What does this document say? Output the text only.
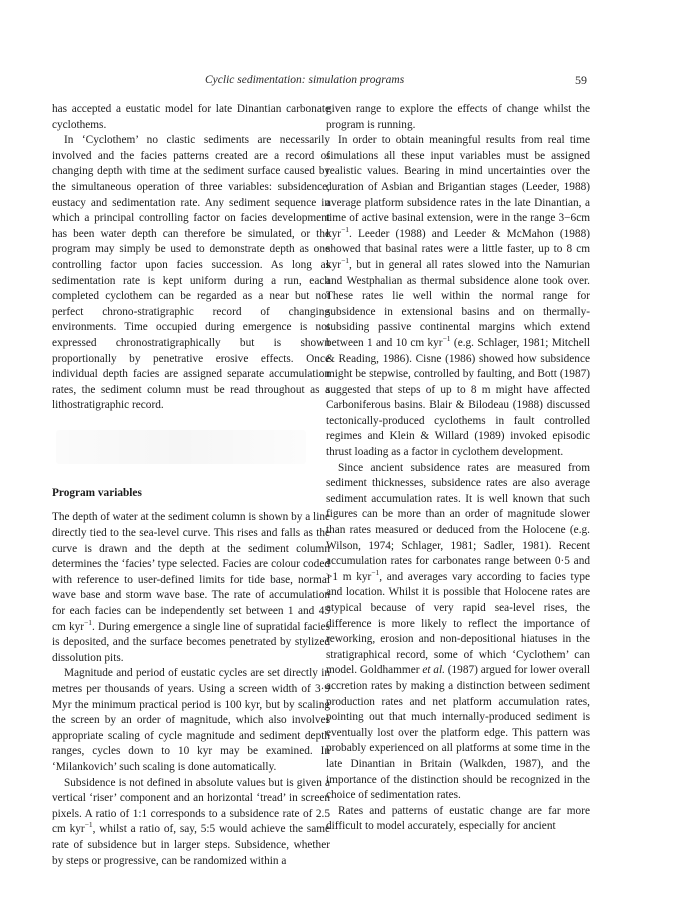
Cyclic sedimentation: simulation programs	59

has accepted a eustatic model for late Dinantian carbonate cyclothems.

In ‘Cyclothem’ no clastic sediments are necessarily involved and the facies patterns created are a record of changing depth with time at the sediment surface caused by the simultaneous operation of three variables: subsidence, eustacy and sedimentation rate. Any sediment sequence in which a principal controlling factor on facies development has been water depth can therefore be simulated, or the program may simply be used to demonstrate depth as one controlling factor upon facies succession. As long as sedimentation rate is kept uniform during a run, each completed cyclothem can be regarded as a near but not perfect chrono-stratigraphic record of changing environments. Time occupied during emergence is not expressed chronostratigraphically but is shown proportionally by penetrative erosive effects. Once individual depth facies are assigned separate accumulation rates, the sediment column must be read throughout as a lithostratigraphic record.

Program variables

The depth of water at the sediment column is shown by a line directly tied to the sea-level curve. This rises and falls as the curve is drawn and the depth at the sediment column determines the ‘facies’ type selected. Facies are colour coded with reference to user-defined limits for tide base, normal wave base and storm wave base. The rate of accumulation for each facies can be independently set between 1 and 45 cm kyr$^{-1}$. During emergence a single line of supratidal facies is deposited, and the surface becomes penetrated by stylized dissolution pits.

Magnitude and period of eustatic cycles are set directly in metres per thousands of years. Using a screen width of 3·9 Myr the minimum practical period is 100 kyr, but by scaling the screen by an order of magnitude, which also involves appropriate scaling of cycle magnitude and sediment depth ranges, cycles down to 10 kyr may be examined. In ‘Milankovich’ such scaling is done automatically.

Subsidence is not defined in absolute values but is given a vertical ‘riser’ component and an horizontal ‘tread’ in screen pixels. A ratio of 1:1 corresponds to a subsidence rate of 2.5 cm kyr$^{-1}$, whilst a ratio of, say, 5:5 would achieve the same rate of subsidence but in larger steps. Subsidence, whether by steps or progressive, can be randomized within a

given range to explore the effects of change whilst the program is running.

In order to obtain meaningful results from real time simulations all these input variables must be assigned realistic values. Bearing in mind uncertainties over the duration of Asbian and Brigantian stages (Leeder, 1988) average platform subsidence rates in the late Dinantian, a time of active basinal extension, were in the range 3−6cm kyr$^{-1}$. Leeder (1988) and Leeder & McMahon (1988) showed that basinal rates were a little faster, up to 8 cm kyr$^{-1}$, but in general all rates slowed into the Namurian and Westphalian as thermal subsidence alone took over. These rates lie well within the normal range for subsidence in extensional basins and on thermally-subsiding passive continental margins which extend between 1 and 10 cm kyr$^{-1}$ (e.g. Schlager, 1981; Mitchell & Reading, 1986). Cisne (1986) showed how subsidence might be stepwise, controlled by faulting, and Bott (1987) suggested that steps of up to 8 m might have affected Carboniferous basins. Blair & Bilodeau (1988) discussed tectonically-produced cyclothems in fault controlled regimes and Klein & Willard (1989) invoked episodic thrust loading as a factor in cyclothem development.

Since ancient subsidence rates are measured from sediment thicknesses, subsidence rates are also average sediment accumulation rates. It is well known that such figures can be more than an order of magnitude slower than rates measured or deduced from the Holocene (e.g. Wilson, 1974; Schlager, 1981; Sadler, 1981). Recent accumulation rates for carbonates range between 0·5 and >1 m kyr$^{-1}$, and averages vary according to facies type and location. Whilst it is possible that Holocene rates are atypical because of very rapid sea-level rises, the difference is more likely to reflect the importance of reworking, erosion and non-depositional hiatuses in the stratigraphical record, some of which ‘Cyclothem’ can model. Goldhammer et al. (1987) argued for lower overall accretion rates by making a distinction between sediment production rates and net platform accumulation rates, pointing out that much internally-produced sediment is eventually lost over the platform edge. This pattern was probably experienced on all platforms at some time in the late Dinantian in Britain (Walkden, 1987), and the importance of the distinction should be recognized in the choice of sedimentation rates.

Rates and patterns of eustatic change are far more difficult to model accurately, especially for ancient
